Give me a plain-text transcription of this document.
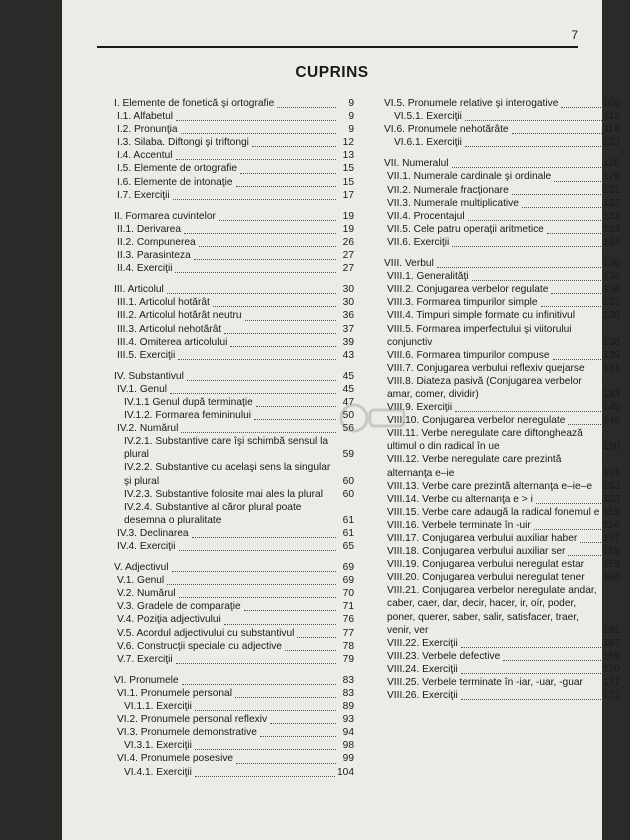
7
CUPRINS
I. Elemente de fonetică şi ortografie	9
I.1. Alfabetul	9
I.2. Pronunţia	9
I.3. Silaba. Diftongi şi triftongi	12
I.4. Accentul	13
I.5. Elemente de ortografie	15
I.6. Elemente de intonaţie	15
I.7. Exerciţii	17
II. Formarea cuvintelor	19
II.1. Derivarea	19
II.2. Compunerea	26
II.3. Parasinteza	27
II.4. Exerciţii	27
III. Articolul	30
III.1. Articolul hotărât	30
III.2. Articolul hotărât neutru	36
III.3. Articolul nehotărât	37
III.4. Omiterea articolului	39
III.5. Exerciţii	43
IV. Substantivul	45
IV.1. Genul	45
IV.1.1 Genul după terminaţie	47
IV.1.2. Formarea femininului	50
IV.2. Numărul	56
IV.2.1. Substantive care îşi schimbă sensul la plural	59
IV.2.2. Substantive cu acelaşi sens la singular şi plural	60
IV.2.3. Substantive folosite mai ales la plural	60
IV.2.4. Substantive al căror plural poate desemna o pluralitate	61
IV.3. Declinarea	61
IV.4. Exerciţii	65
V. Adjectivul	69
V.1. Genul	69
V.2. Numărul	70
V.3. Gradele de comparaţie	71
V.4. Poziţia adjectivului	76
V.5. Acordul adjectivului cu substantivul	77
V.6. Construcţii speciale cu adjective	78
V.7. Exerciţii	79
VI. Pronumele	83
VI.1. Pronumele personal	83
VI.1.1. Exerciţii	89
VI.2. Pronumele personal reflexiv	93
VI.3. Pronumele demonstrative	94
VI.3.1. Exerciţii	98
VI.4. Pronumele posesive	99
VI.4.1. Exerciţii	104
VI.5. Pronumele relative şi interogative	106
VI.5.1. Exerciţii	112
VI.6. Pronumele nehotărâte	116
VI.6.1. Exerciţii	123
VII. Numeralul	126
VII.1. Numerale cardinale şi ordinale	126
VII.2. Numerale fracţionare	131
VII.3. Numerale multiplicative	132
VII.4. Procentajul	133
VII.5. Cele patru operaţii aritmetice	133
VII.6. Exerciţii	134
VIII. Verbul	136
VIII.1. Generalităţi	136
VIII.2. Conjugarea verbelor regulate	136
VIII.3. Formarea timpurilor simple	137
VIII.4. Timpuri simple formate cu infinitivul	138
VIII.5. Formarea imperfectului şi viitorului conjunctiv	138
VIII.6. Formarea timpurilor compuse	139
VIII.7. Conjugarea verbului reflexiv quejarse	141
VIII.8. Diateza pasivă (Conjugarea verbelor amar, comer, dividir)	143
VIII.9. Exerciţii	145
VIII.10. Conjugarea verbelor neregulate	146
VIII.11. Verbe neregulate care diftonghează ultimul o din radical în ue	150
VIII.12. Verbe neregulate care prezintă alternanţa e–ie	151
VIII.13. Verbe care prezintă alternanţa e–ie–e	153
VIII.14. Verbe cu alternanţa e > i	153
VIII.15. Verbe care adaugă la radical fonemul e 155
VIII.16. Verbele terminate în -uir	156
VIII.17. Conjugarea verbului auxiliar haber	157
VIII.18. Conjugarea verbului auxiliar ser	158
VIII.19. Conjugarea verbului neregulat estar	159
VIII.20. Conjugarea verbului neregulat tener	160
VIII.21. Conjugarea verbelor neregulate andar, caber, caer, dar, decir, hacer, ir, oír, poder, poner, querer, saber, salir, satisfacer, traer, venir, ver	161
VIII.22. Exerciţii	167
VIII.23. Verbele defective	169
VIII.24. Exerciţii	170
VIII.25. Verbele terminate în -iar, -uar, -guar	171
VIII.26. Exerciţii	172
